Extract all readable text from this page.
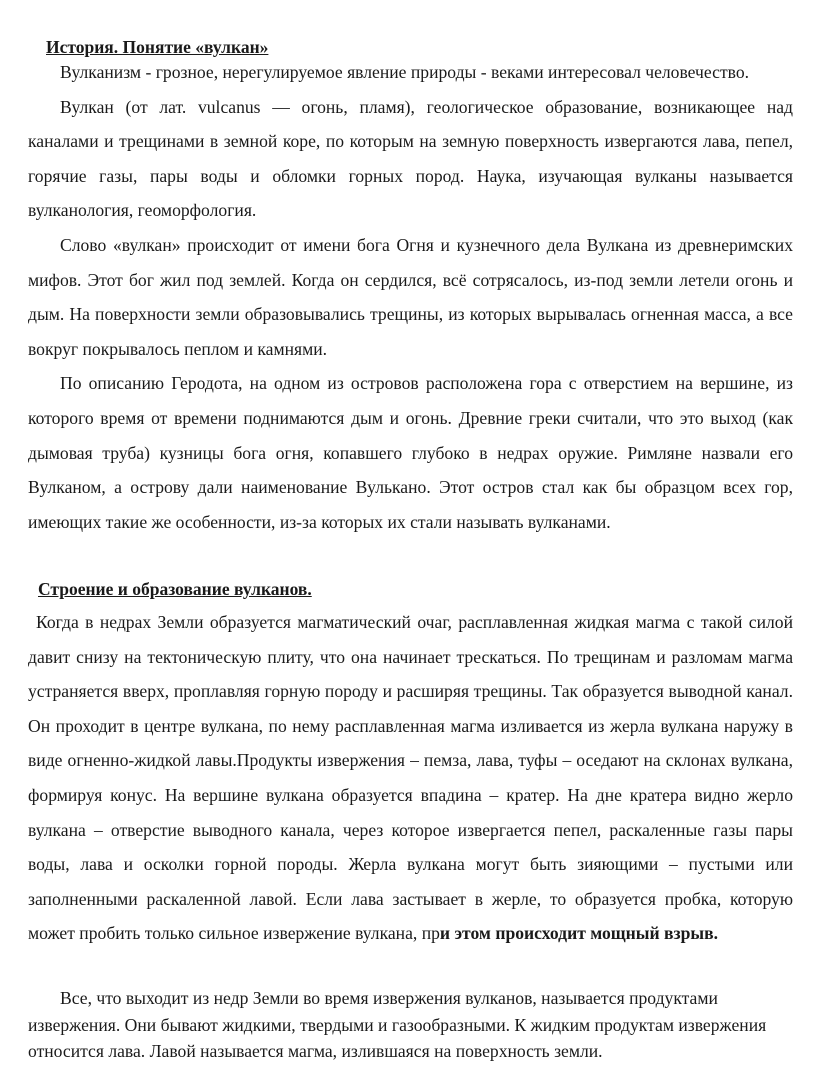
История. Понятие «вулкан»

Вулканизм - грозное, нерегулируемое явление природы - веками интересовал человечество.

Вулкан (от лат. vulcanus — огонь, пламя), геологическое образование, возникающее над каналами и трещинами в земной коре, по которым на земную поверхность извергаются лава, пепел, горячие газы, пары воды и обломки горных пород. Наука, изучающая вулканы называется вулканология, геоморфология.

Слово «вулкан» происходит от имени бога Огня и кузнечного дела Вулкана из древнеримских мифов. Этот бог жил под землей. Когда он сердился, всё сотрясалось, из-под земли летели огонь и дым. На поверхности земли образовывались трещины, из которых вырывалась огненная масса, а все вокруг покрывалось пеплом и камнями.

По описанию Геродота, на одном из островов расположена гора с отверстием на вершине, из которого время от времени поднимаются дым и огонь. Древние греки считали, что это выход (как дымовая труба) кузницы бога огня, копавшего глубоко в недрах оружие. Римляне назвали его Вулканом, а острову дали наименование Вулькано. Этот остров стал как бы образцом всех гор, имеющих такие же особенности, из-за которых их стали называть вулканами.

Строение и образование вулканов.

Когда в недрах Земли образуется магматический очаг, расплавленная жидкая магма с такой силой давит снизу на тектоническую плиту, что она начинает трескаться. По трещинам и разломам магма устраняется вверх, проплавляя горную породу и расширяя трещины. Так образуется выводной канал. Он проходит в центре вулкана, по нему расплавленная магма изливается из жерла вулкана наружу в виде огненно-жидкой лавы.Продукты извержения – пемза, лава, туфы – оседают на склонах вулкана, формируя конус. На вершине вулкана образуется впадина – кратер. На дне кратера видно жерло вулкана – отверстие выводного канала, через которое извергается пепел, раскаленные газы пары воды, лава и осколки горной породы. Жерла вулкана могут быть зияющими – пустыми или заполненными раскаленной лавой. Если лава застывает в жерле, то образуется пробка, которую может пробить только сильное извержение вулкана, при этом происходит мощный взрыв.

Все, что выходит из недр Земли во время извержения вулканов, называется продуктами извержения. Они бывают жидкими, твердыми и газообразными. К жидким продуктам извержения относится лава. Лавой называется магма, излившаяся на поверхность земли.
